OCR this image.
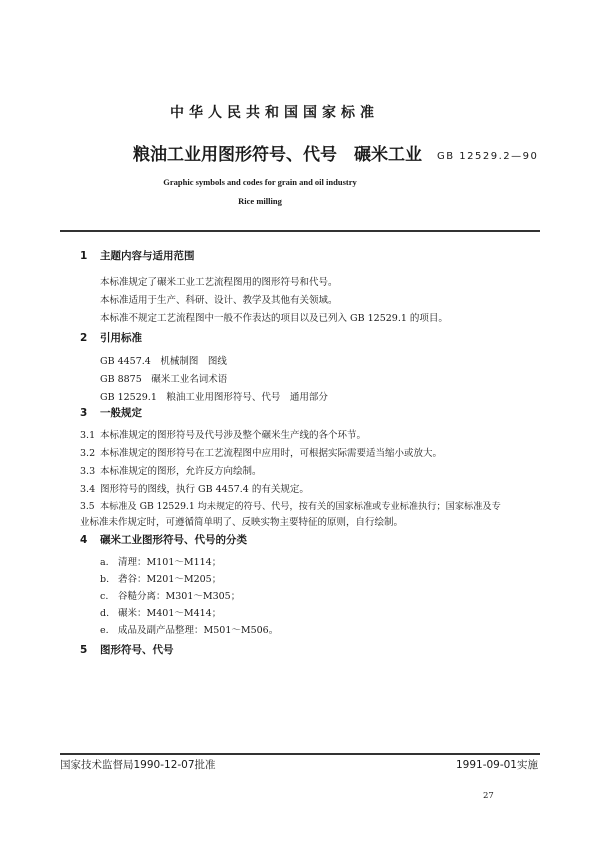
中华人民共和国国家标准
粮油工业用图形符号、代号　碾米工业 GB 12529.2—90
Graphic symbols and codes for grain and oil industry
Rice milling
1 主题内容与适用范围
本标准规定了碾米工业工艺流程图用的图形符号和代号。
本标准适用于生产、科研、设计、教学及其他有关领域。
本标准不规定工艺流程图中一般不作表达的项目以及已列入 GB 12529.1 的项目。
2 引用标准
GB 4457.4　机械制图　图线
GB 8875　碾米工业名词术语
GB 12529.1　粮油工业用图形符号、代号　通用部分
3 一般规定
3.1 本标准规定的图形符号及代号涉及整个碾米生产线的各个环节。
3.2 本标准规定的图形符号在工艺流程图中应用时，可根据实际需要适当缩小或放大。
3.3 本标准规定的图形，允许反方向绘制。
3.4 图形符号的图线，执行 GB 4457.4 的有关规定。
3.5 本标准及 GB 12529.1 均未规定的符号、代号，按有关的国家标准或专业标准执行；国家标准及专
业标准未作规定时，可遵循简单明了、反映实物主要特征的原则，自行绘制。
4 碾米工业图形符号、代号的分类
a. 清理：M101～M114；
b. 砻谷：M201～M205；
c. 谷糙分离：M301～M305；
d. 碾米：M401～M414；
e. 成品及副产品整理：M501～M506。
5 图形符号、代号
国家技术监督局1990-12-07批准	1991-09-01实施
27
